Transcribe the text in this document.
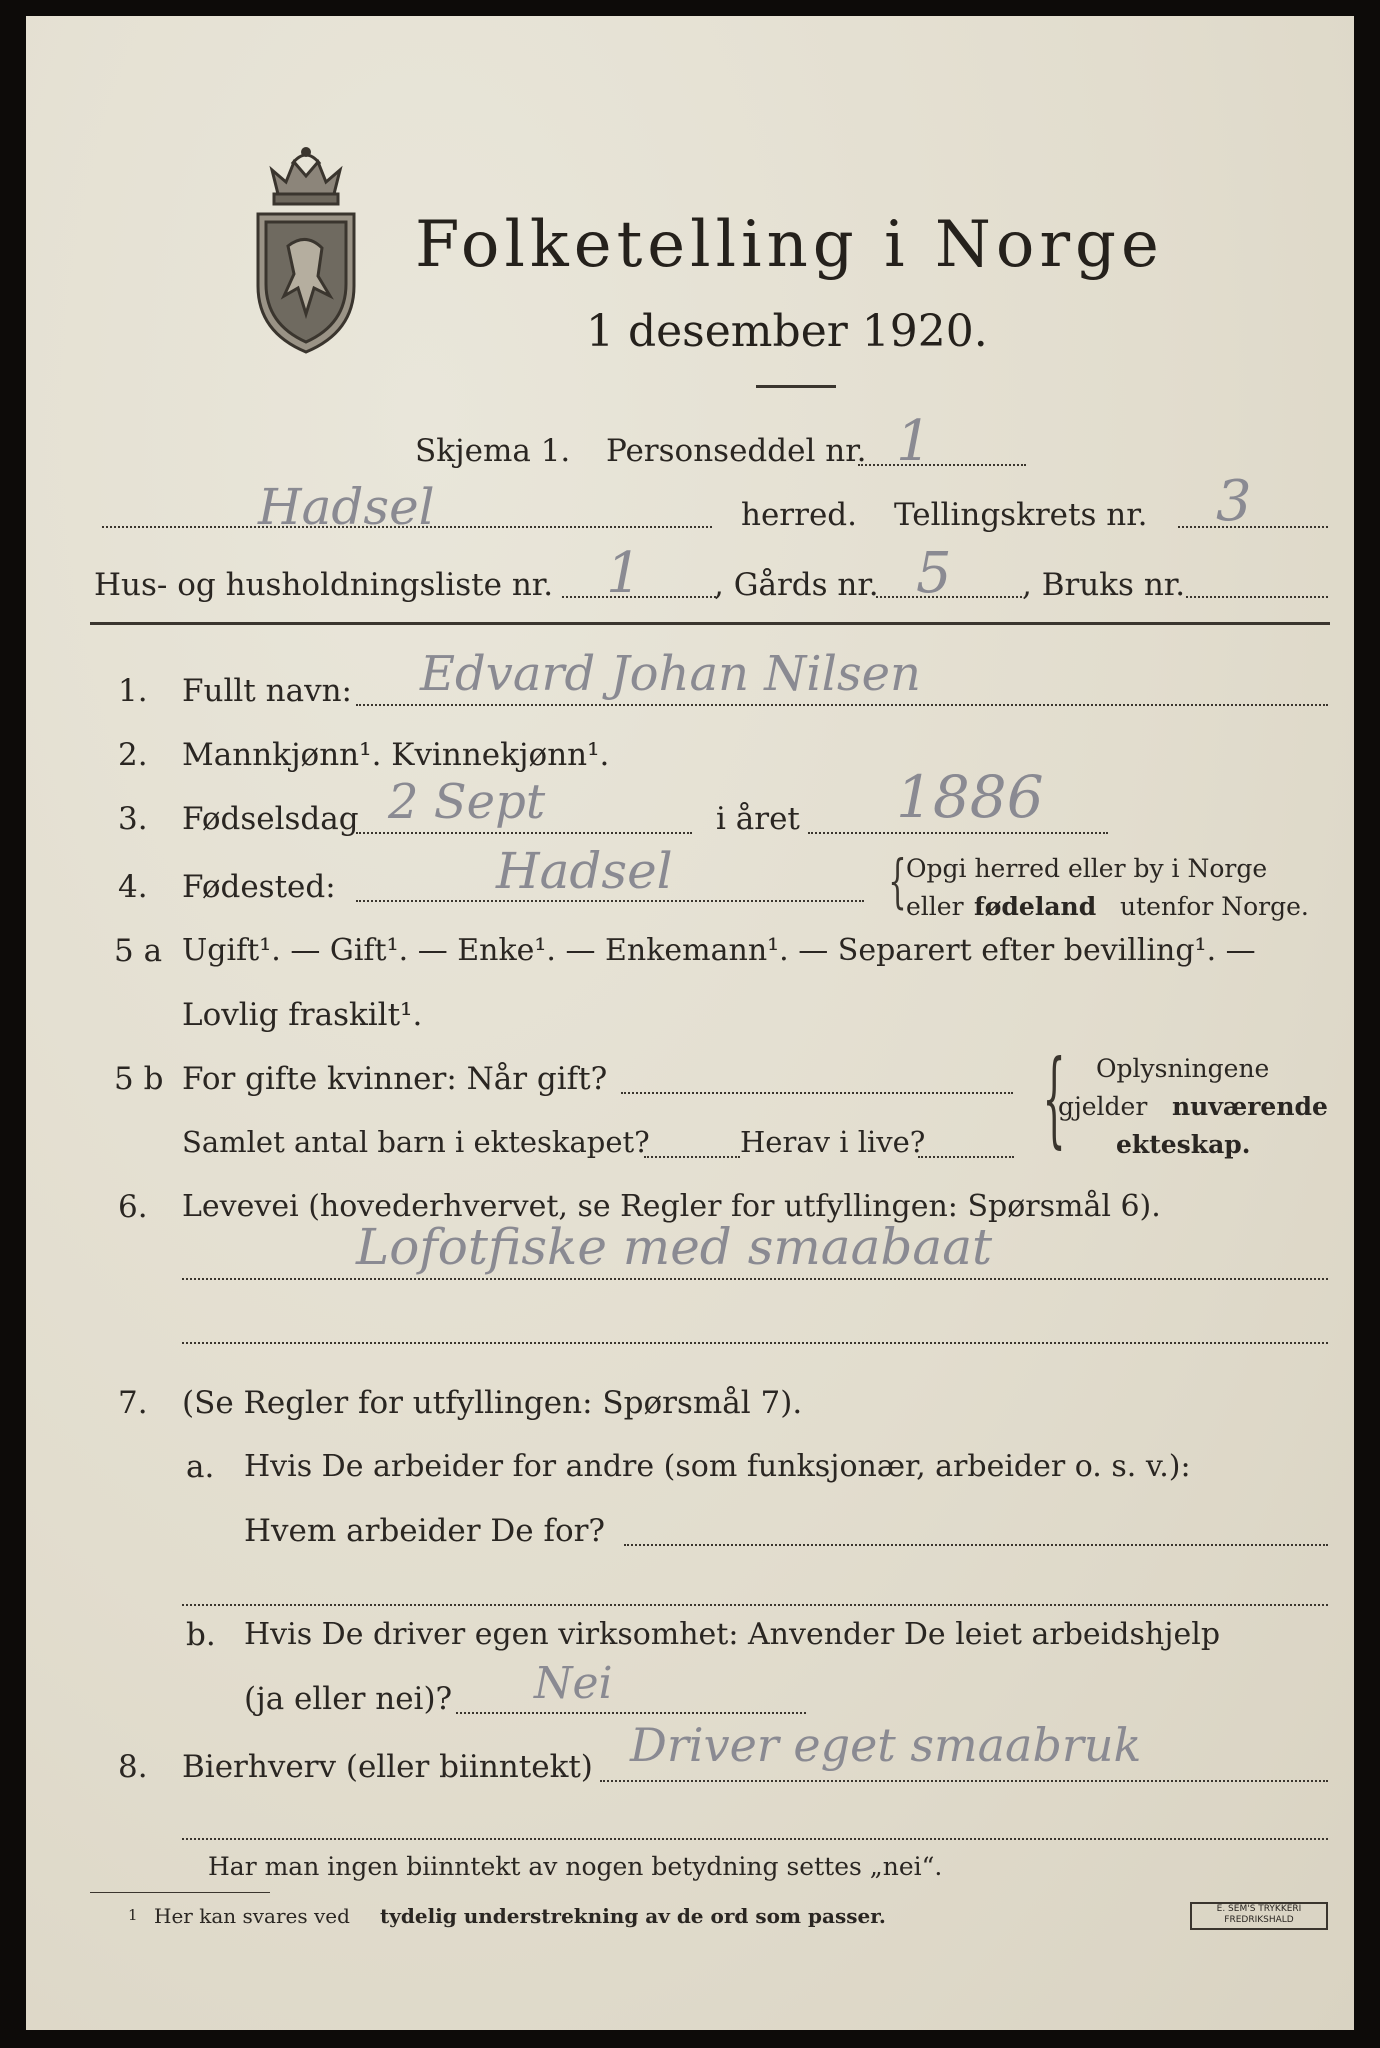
Folketelling i Norge
1 desember 1920.
Skjema 1. Personseddel nr. 1
Hadsel	herred. Tellingskrets nr. 3
Hus- og husholdningsliste nr. 1 , Gårds nr. 5 , Bruks nr.
1. Fullt navn: Edvard Johan Nilsen
2. Mannkjønn¹. Kvinnekjønn¹.
3. Fødselsdag 2 Sept	i året 1886
4. Fødested:	Hadsel	{ Opgi herred eller by i Norge
eller fødeland utenfor Norge.
5 a Ugift¹. — Gift¹. — Enke¹. — Enkemann¹. — Separert efter bevilling¹. —
Lovlig fraskilt¹.
5 b For gifte kvinner: Når gift?
Samlet antal barn i ekteskapet?	Herav i live? { Oplysningene
gjelder nuværende
ekteskap.
6. Levevei (hovederhvervet, se Regler for utfyllingen: Spørsmål 6).
Lofotfiske med smaabaat
7. (Se Regler for utfyllingen: Spørsmål 7).
a. Hvis De arbeider for andre (som funksjonær, arbeider o. s. v.):
Hvem arbeider De for?
b. Hvis De driver egen virksomhet: Anvender De leiet arbeidshjelp
(ja eller nei)? Nei
8. Bierhverv (eller biinntekt) Driver eget smaabruk
Har man ingen biinntekt av nogen betydning settes „nei“.
1 Her kan svares ved tydelig understrekning av de ord som passer.	E. SEM'S TRYKKERI
FREDRIKSHALD
